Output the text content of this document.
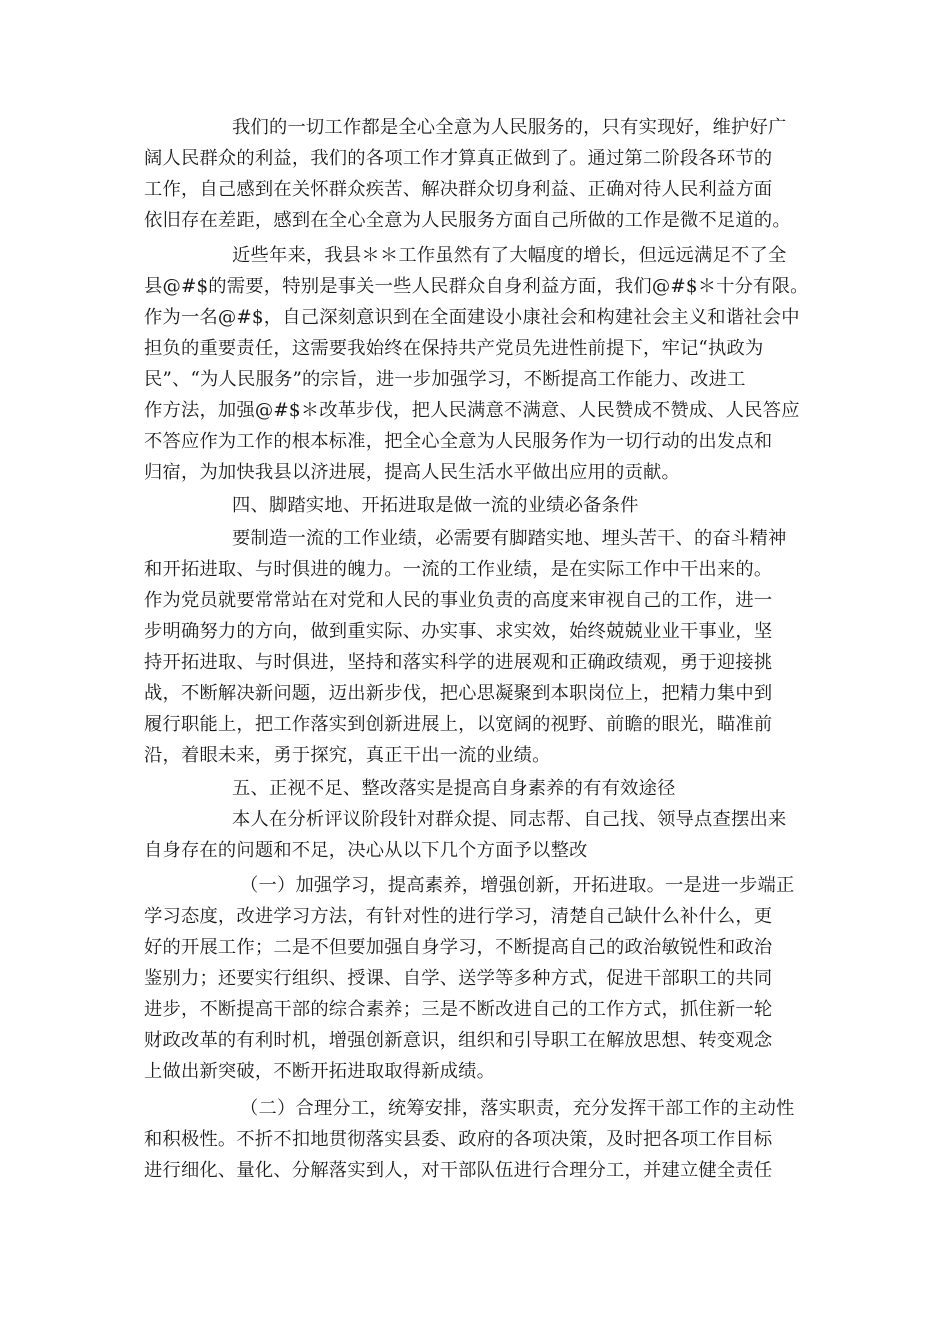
我们的一切工作都是全心全意为人民服务的，只有实现好，维护好广
阔人民群众的利益，我们的各项工作才算真正做到了。通过第二阶段各环节的
工作，自己感到在关怀群众疾苦、解决群众切身利益、正确对待人民利益方面
依旧存在差距，感到在全心全意为人民服务方面自己所做的工作是微不足道的。
近些年来，我县＊＊工作虽然有了大幅度的增长，但远远满足不了全
县@#$的需要，特别是事关一些人民群众自身利益方面，我们@#$＊十分有限。
作为一名@#$，自己深刻意识到在全面建设小康社会和构建社会主义和谐社会中
担负的重要责任，这需要我始终在保持共产党员先进性前提下，牢记“执政为
民”、“为人民服务”的宗旨，进一步加强学习，不断提高工作能力、改进工
作方法，加强@#$＊改革步伐，把人民满意不满意、人民赞成不赞成、人民答应
不答应作为工作的根本标准，把全心全意为人民服务作为一切行动的出发点和
归宿，为加快我县以济进展，提高人民生活水平做出应用的贡献。
四、脚踏实地、开拓进取是做一流的业绩必备条件
要制造一流的工作业绩，必需要有脚踏实地、埋头苦干、的奋斗精神
和开拓进取、与时俱进的魄力。一流的工作业绩，是在实际工作中干出来的。
作为党员就要常常站在对党和人民的事业负责的高度来审视自己的工作，进一
步明确努力的方向，做到重实际、办实事、求实效，始终兢兢业业干事业，坚
持开拓进取、与时俱进，坚持和落实科学的进展观和正确政绩观，勇于迎接挑
战，不断解决新问题，迈出新步伐，把心思凝聚到本职岗位上，把精力集中到
履行职能上，把工作落实到创新进展上，以宽阔的视野、前瞻的眼光，瞄准前
沿，着眼未来，勇于探究，真正干出一流的业绩。
五、正视不足、整改落实是提高自身素养的有有效途径
本人在分析评议阶段针对群众提、同志帮、自己找、领导点查摆出来
自身存在的问题和不足，决心从以下几个方面予以整改
（一）加强学习，提高素养，增强创新，开拓进取。一是进一步端正
学习态度，改进学习方法，有针对性的进行学习，清楚自己缺什么补什么，更
好的开展工作；二是不但要加强自身学习，不断提高自己的政治敏锐性和政治
鉴别力；还要实行组织、授课、自学、送学等多种方式，促进干部职工的共同
进步，不断提高干部的综合素养；三是不断改进自己的工作方式，抓住新一轮
财政改革的有利时机，增强创新意识，组织和引导职工在解放思想、转变观念
上做出新突破，不断开拓进取取得新成绩。
（二）合理分工，统筹安排，落实职责，充分发挥干部工作的主动性
和积极性。不折不扣地贯彻落实县委、政府的各项决策，及时把各项工作目标
进行细化、量化、分解落实到人，对干部队伍进行合理分工，并建立健全责任
